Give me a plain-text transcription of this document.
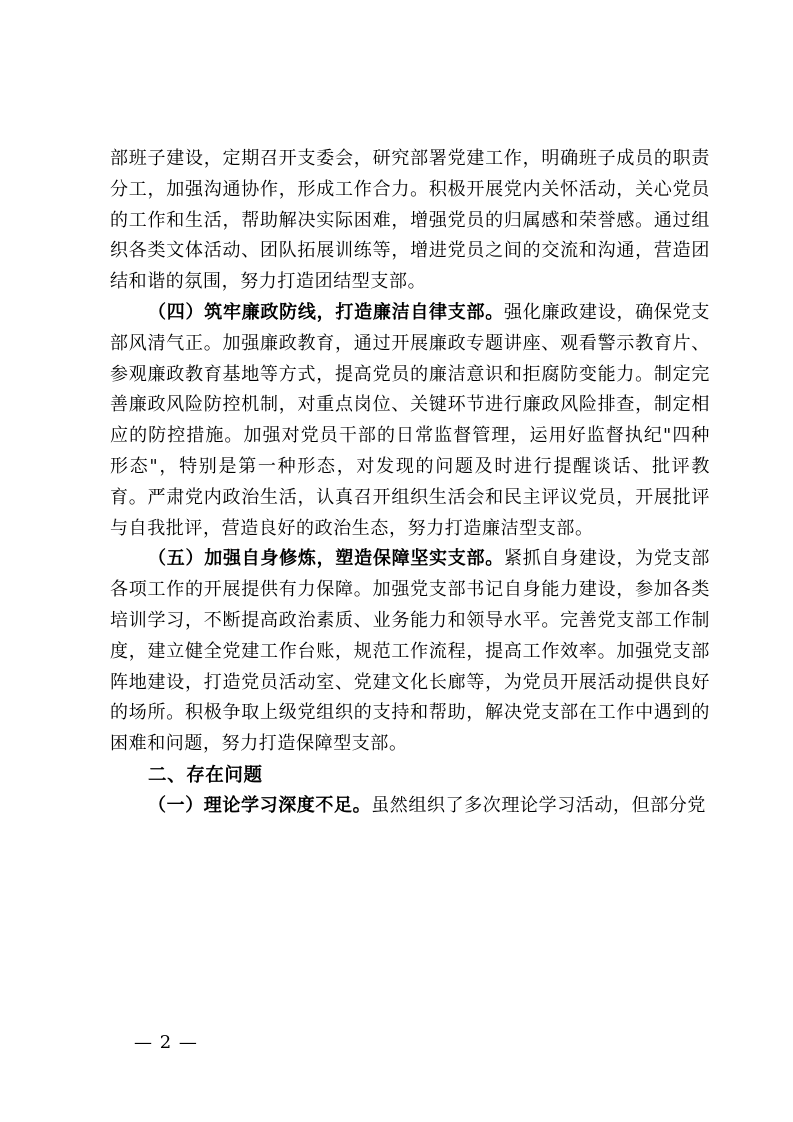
部班子建设，定期召开支委会，研究部署党建工作，明确班子成员的职责分工，加强沟通协作，形成工作合力。积极开展党内关怀活动，关心党员的工作和生活，帮助解决实际困难，增强党员的归属感和荣誉感。通过组织各类文体活动、团队拓展训练等，增进党员之间的交流和沟通，营造团结和谐的氛围，努力打造团结型支部。

（四）筑牢廉政防线，打造廉洁自律支部。强化廉政建设，确保党支部风清气正。加强廉政教育，通过开展廉政专题讲座、观看警示教育片、参观廉政教育基地等方式，提高党员的廉洁意识和拒腐防变能力。制定完善廉政风险防控机制，对重点岗位、关键环节进行廉政风险排查，制定相应的防控措施。加强对党员干部的日常监督管理，运用好监督执纪"四种形态"，特别是第一种形态，对发现的问题及时进行提醒谈话、批评教育。严肃党内政治生活，认真召开组织生活会和民主评议党员，开展批评与自我批评，营造良好的政治生态，努力打造廉洁型支部。

（五）加强自身修炼，塑造保障坚实支部。紧抓自身建设，为党支部各项工作的开展提供有力保障。加强党支部书记自身能力建设，参加各类培训学习，不断提高政治素质、业务能力和领导水平。完善党支部工作制度，建立健全党建工作台账，规范工作流程，提高工作效率。加强党支部阵地建设，打造党员活动室、党建文化长廊等，为党员开展活动提供良好的场所。积极争取上级党组织的支持和帮助，解决党支部在工作中遇到的困难和问题，努力打造保障型支部。

二、存在问题

（一）理论学习深度不足。虽然组织了多次理论学习活动，但部分党

— 2 —
